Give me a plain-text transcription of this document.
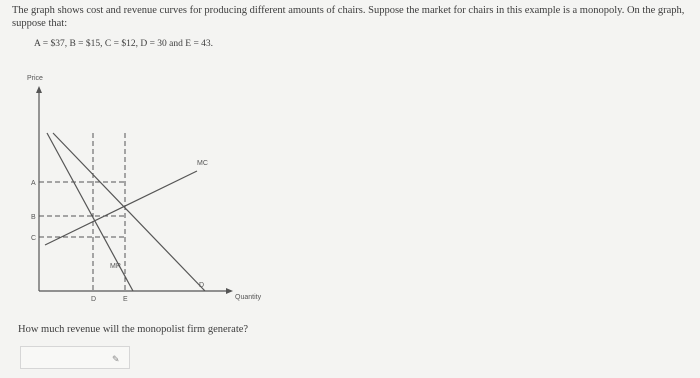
The graph shows cost and revenue curves for producing different amounts of chairs. Suppose the market for chairs in this example is a monopoly. On the graph, suppose that:
A = $37, B = $15, C = $12, D = 30 and E = 43.
Price
Quantity
A
B
C
D	E
MC
MR
D
How much revenue will the monopolist firm generate?
✎
